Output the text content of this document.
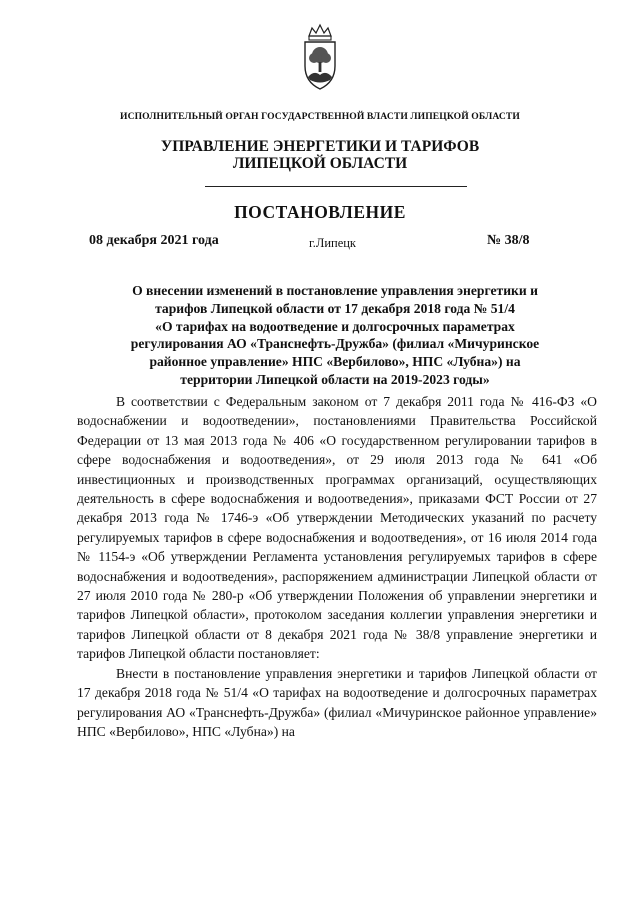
ИСПОЛНИТЕЛЬНЫЙ ОРГАН ГОСУДАРСТВЕННОЙ ВЛАСТИ ЛИПЕЦКОЙ ОБЛАСТИ
УПРАВЛЕНИЕ ЭНЕРГЕТИКИ И ТАРИФОВ
ЛИПЕЦКОЙ ОБЛАСТИ
ПОСТАНОВЛЕНИЕ
08 декабря 2021 года	г.Липецк	№ 38/8
О внесении изменений в постановление управления энергетики и
тарифов Липецкой области от 17 декабря 2018 года № 51/4
«О тарифах на водоотведение и долгосрочных параметрах
регулирования АО «Транснефть-Дружба» (филиал «Мичуринское
районное управление» НПС «Вербилово», НПС «Лубна») на
территории Липецкой области на 2019-2023 годы»

В соответствии с Федеральным законом от 7 декабря 2011 года № 416-ФЗ «О водоснабжении и водоотведении», постановлениями Правительства Российской Федерации от 13 мая 2013 года № 406 «О государственном регулировании тарифов в сфере водоснабжения и водоотведения», от 29 июля 2013 года № 641 «Об инвестиционных и производственных программах организаций, осуществляющих деятельность в сфере водоснабжения и водоотведения», приказами ФСТ России от 27 декабря 2013 года № 1746-э «Об утверждении Методических указаний по расчету регулируемых тарифов в сфере водоснабжения и водоотведения», от 16 июля 2014 года № 1154-э «Об утверждении Регламента установления регулируемых тарифов в сфере водоснабжения и водоотведения», распоряжением администрации Липецкой области от 27 июля 2010 года № 280-р «Об утверждении Положения об управлении энергетики и тарифов Липецкой области», протоколом заседания коллегии управления энергетики и тарифов Липецкой области от 8 декабря 2021 года № 38/8 управление энергетики и тарифов Липецкой области постановляет:

Внести в постановление управления энергетики и тарифов Липецкой области от 17 декабря 2018 года № 51/4 «О тарифах на водоотведение и долгосрочных параметрах регулирования АО «Транснефть-Дружба» (филиал «Мичуринское районное управление» НПС «Вербилово», НПС «Лубна») на
